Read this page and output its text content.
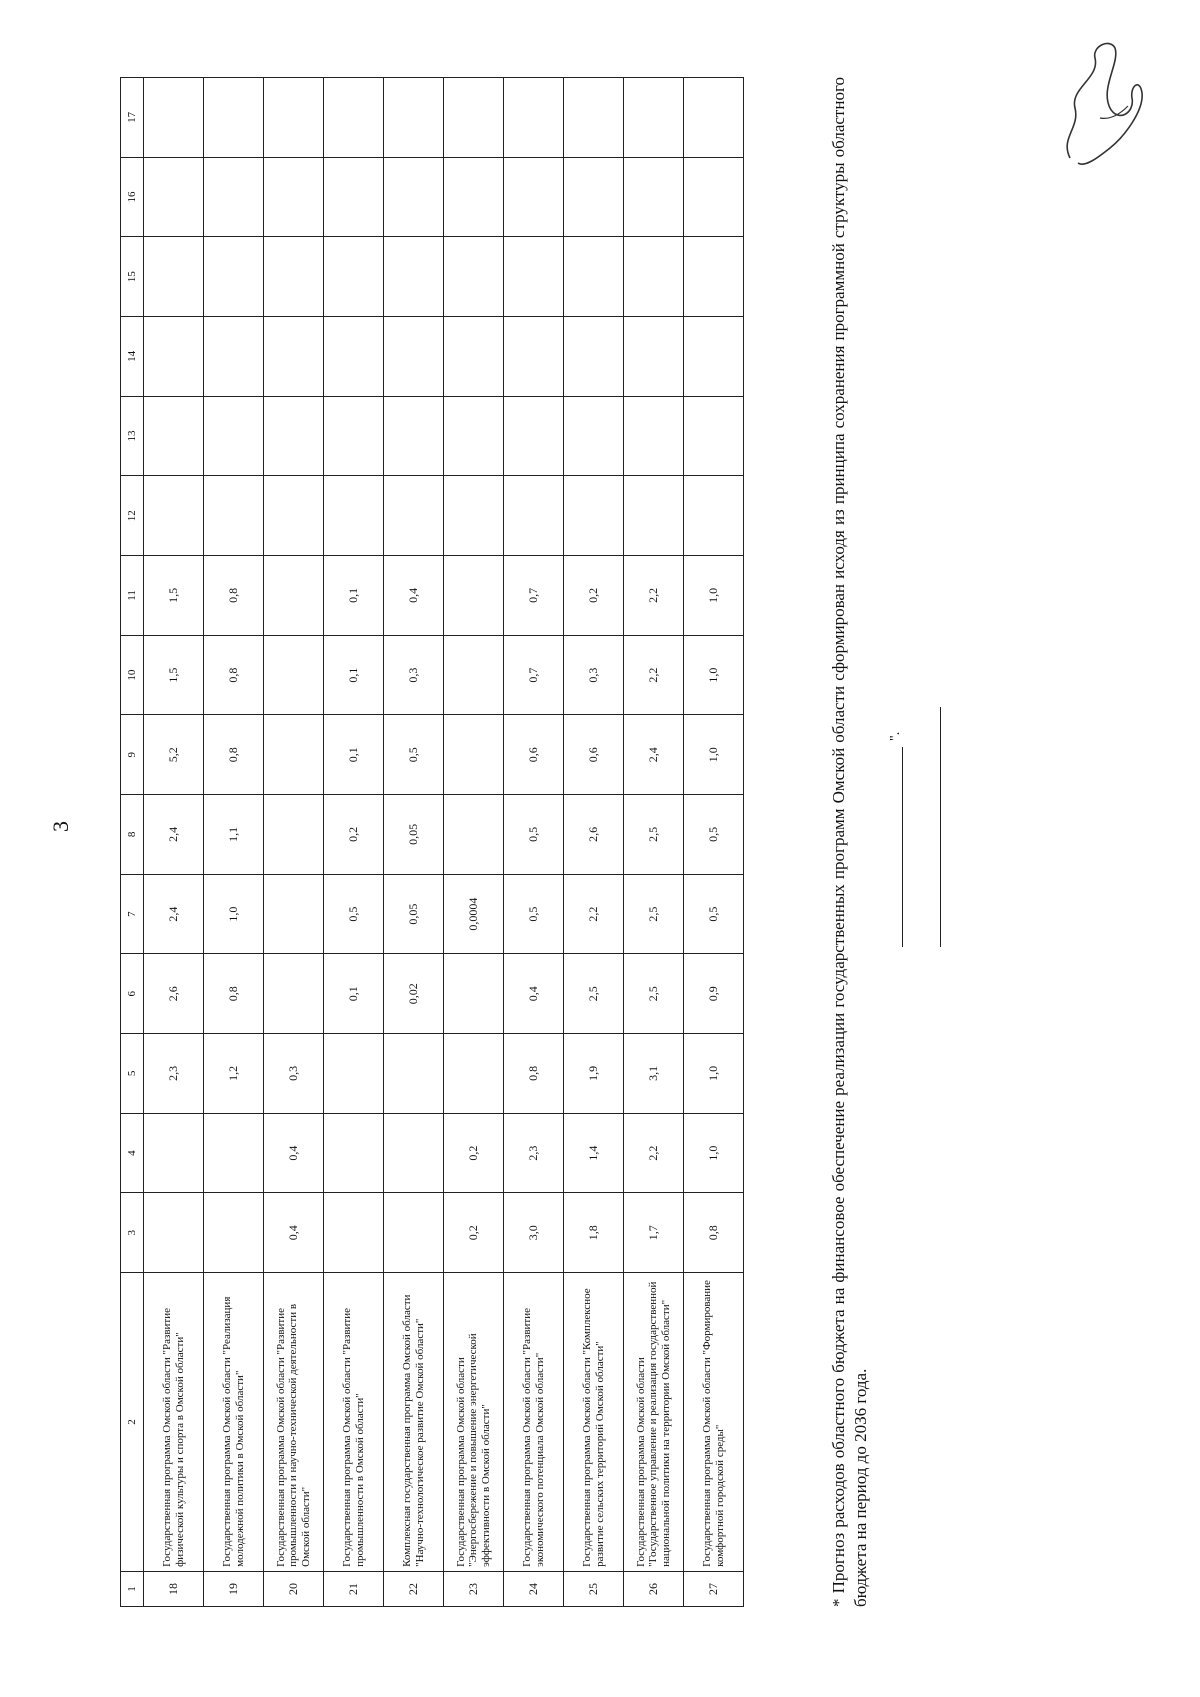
3
1	2	3	4	5	6	7	8	9	10	11	12	13	14	15	16	17
18	Государственная программа Омской области "Развитие физической культуры и спорта в Омской области"			2,3	2,6	2,4	2,4	5,2	1,5	1,5						
19	Государственная программа Омской области "Реализация молодежной политики в Омской области"			1,2	0,8	1,0	1,1	0,8	0,8	0,8						
20	Государственная программа Омской области "Развитие промышленности и научно-технической деятельности в Омской области"	0,4	0,4	0,3												
21	Государственная программа Омской области "Развитие промышленности в Омской области"				0,1	0,5	0,2	0,1	0,1	0,1						
22	Комплексная государственная программа Омской области "Научно-технологическое развитие Омской области"				0,02	0,05	0,05	0,5	0,3	0,4						
23	Государственная программа Омской области "Энергосбережение и повышение энергетической эффективности в Омской области"	0,2	0,2			0,0004										
24	Государственная программа Омской области "Развитие экономического потенциала Омской области"	3,0	2,3	0,8	0,4	0,5	0,5	0,6	0,7	0,7						
25	Государственная программа Омской области "Комплексное развитие сельских территорий Омской области"	1,8	1,4	1,9	2,5	2,2	2,6	0,6	0,3	0,2						
26	Государственная программа Омской области "Государственное управление и реализация государственной национальной политики на территории Омской области"	1,7	2,2	3,1	2,5	2,5	2,5	2,4	2,2	2,2						
27	Государственная программа Омской области "Формирование комфортной городской среды"	0,8	1,0	1,0	0,9	0,5	0,5	1,0	1,0	1,0							* Прогноз расходов областного бюджета на финансовое обеспечение реализации государственных программ Омской области сформирован исходя из принципа сохранения программной структуры областного бюджета на период до 2036 года.
".
